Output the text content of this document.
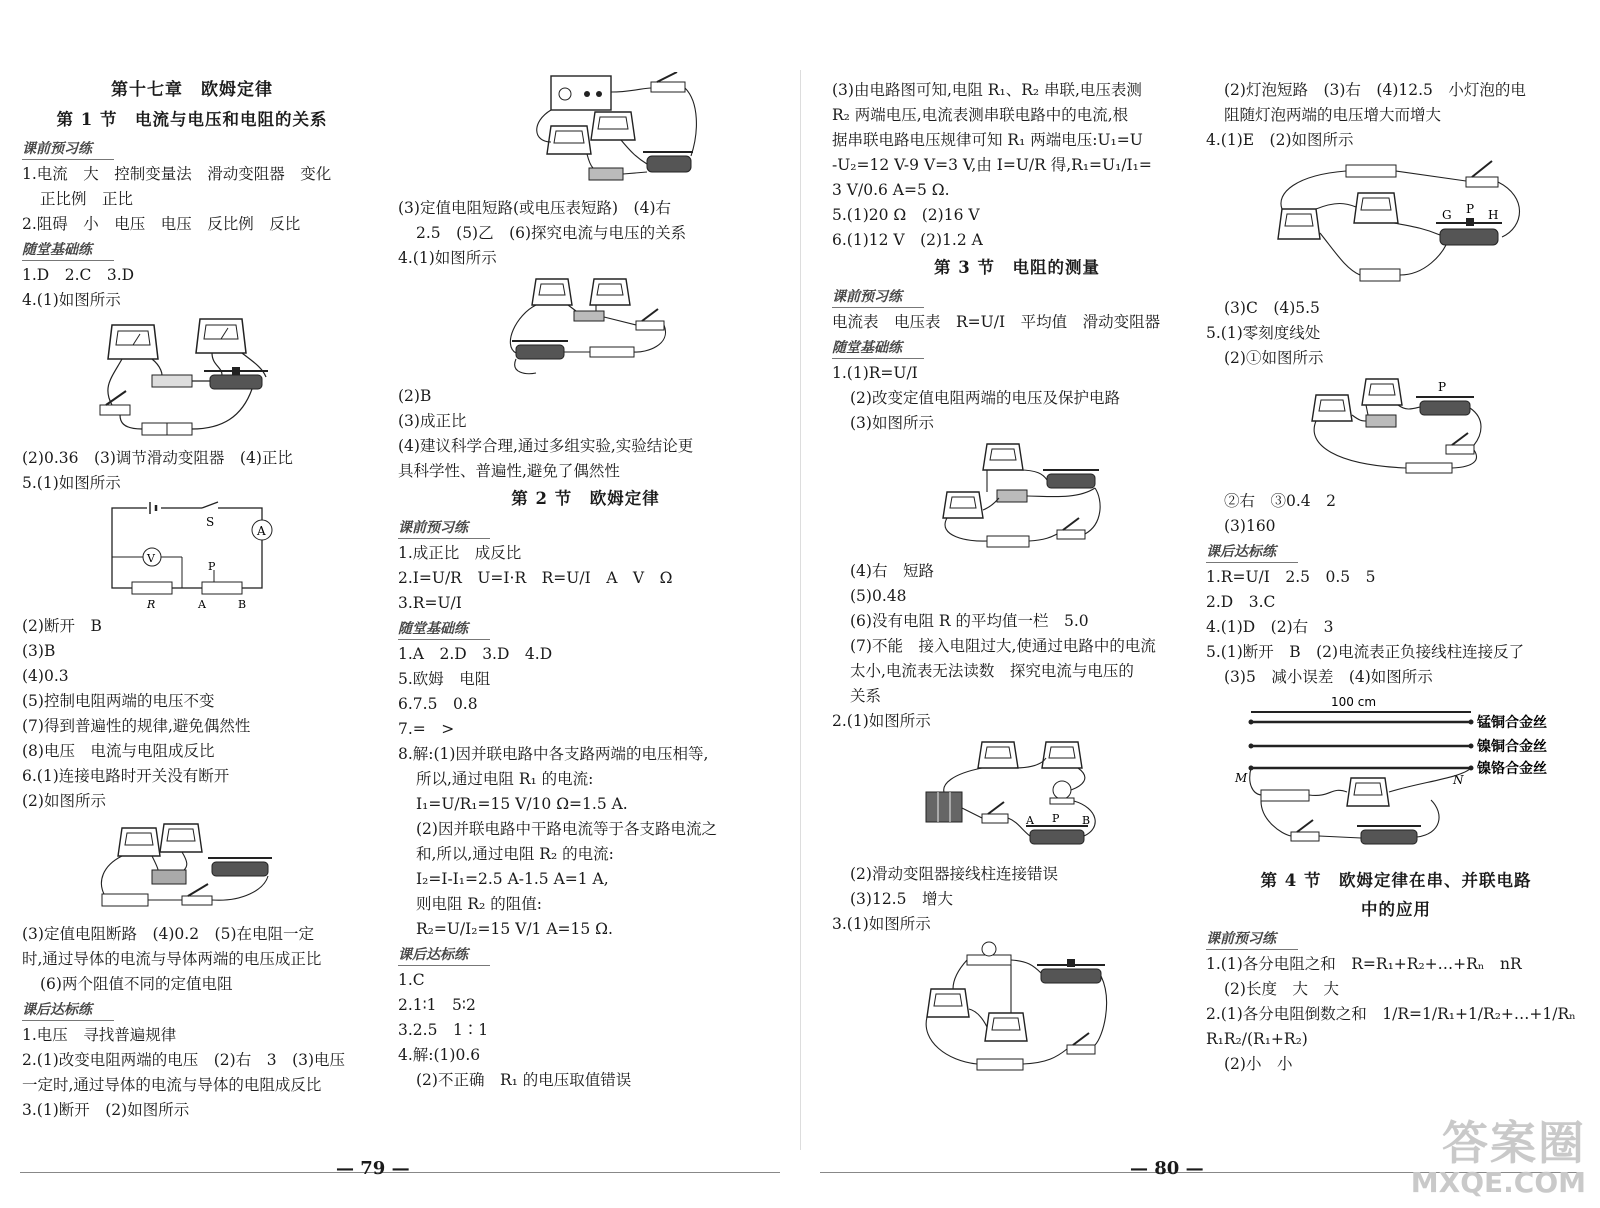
第十七章　欧姆定律
第 1 节　电流与电压和电阻的关系
课前预习练
1.电流　大　控制变量法　滑动变阻器　变化
正比例　正比
2.阻碍　小　电压　电压　反比例　反比
随堂基础练
1.D　2.C　3.D
4.(1)如图所示
(2)0.36　(3)调节滑动变阻器　(4)正比
5.(1)如图所示
S
A
V
P
R	A	B
(2)断开　B
(3)B
(4)0.3
(5)控制电阻两端的电压不变
(7)得到普遍性的规律,避免偶然性
(8)电压　电流与电阻成反比
6.(1)连接电路时开关没有断开
(2)如图所示
(3)定值电阻断路　(4)0.2　(5)在电阻一定
时,通过导体的电流与导体两端的电压成正比
(6)两个阻值不同的定值电阻
课后达标练
1.电压　寻找普遍规律
2.(1)改变电阻两端的电压　(2)右　3　(3)电压
一定时,通过导体的电流与导体的电阻成反比
3.(1)断开　(2)如图所示
(3)定值电阻短路(或电压表短路)　(4)右
2.5　(5)乙　(6)探究电流与电压的关系
4.(1)如图所示
(2)B
(3)成正比
(4)建议科学合理,通过多组实验,实验结论更
具科学性、普遍性,避免了偶然性
第 2 节　欧姆定律
课前预习练
1.成正比　成反比
2.I=U/R　U=I·R　R=U/I　A　V　Ω
3.R=U/I
随堂基础练
1.A　2.D　3.D　4.D
5.欧姆　电阻
6.7.5　0.8
7.=　>
8.解:(1)因并联电路中各支路两端的电压相等,
所以,通过电阻 R₁ 的电流:
I₁=U/R₁=15 V/10 Ω=1.5 A.
(2)因并联电路中干路电流等于各支路电流之
和,所以,通过电阻 R₂ 的电流:
I₂=I-I₁=2.5 A-1.5 A=1 A,
则电阻 R₂ 的阻值:
R₂=U/I₂=15 V/1 A=15 Ω.
课后达标练
1.C
2.1∶1　5∶2
3.2.5　1∶1
4.解:(1)0.6
(2)不正确　R₁ 的电压取值错误
(3)由电路图可知,电阻 R₁、R₂ 串联,电压表测
R₂ 两端电压,电流表测串联电路中的电流,根
据串联电路电压规律可知 R₁ 两端电压:U₁=U
-U₂=12 V-9 V=3 V,由 I=U/R 得,R₁=U₁/I₁=
3 V/0.6 A=5 Ω.
5.(1)20 Ω　(2)16 V
6.(1)12 V　(2)1.2 A
第 3 节　电阻的测量
课前预习练
电流表　电压表　R=U/I　平均值　滑动变阻器
随堂基础练
1.(1)R=U/I
(2)改变定值电阻两端的电压及保护电路
(3)如图所示
(4)右　短路
(5)0.48
(6)没有电阻 R 的平均值一栏　5.0
(7)不能　接入电阻过大,使通过电路中的电流
太小,电流表无法读数　探究电流与电压的
关系
2.(1)如图所示
A P B
(2)滑动变阻器接线柱连接错误
(3)12.5　增大
3.(1)如图所示
(2)灯泡短路　(3)右　(4)12.5　小灯泡的电
阻随灯泡两端的电压增大而增大
4.(1)E　(2)如图所示
G P H
(3)C　(4)5.5
5.(1)零刻度线处
(2)①如图所示
P
②右　③0.4　2
(3)160
课后达标练
1.R=U/I　2.5　0.5　5
2.D　3.C
4.(1)D　(2)右　3
5.(1)断开　B　(2)电流表正负接线柱连接反了
(3)5　减小误差　(4)如图所示
100 cm
锰铜合金丝
镍铜合金丝
镍铬合金丝
M	N
第 4 节　欧姆定律在串、并联电路
中的应用
课前预习练
1.(1)各分电阻之和　R=R₁+R₂+…+Rₙ　nR
(2)长度　大　大
2.(1)各分电阻倒数之和　1/R=1/R₁+1/R₂+…+1/Rₙ
R₁R₂/(R₁+R₂)
(2)小　小
— 79 —	— 80 —	答案圈
MXQE.COM
